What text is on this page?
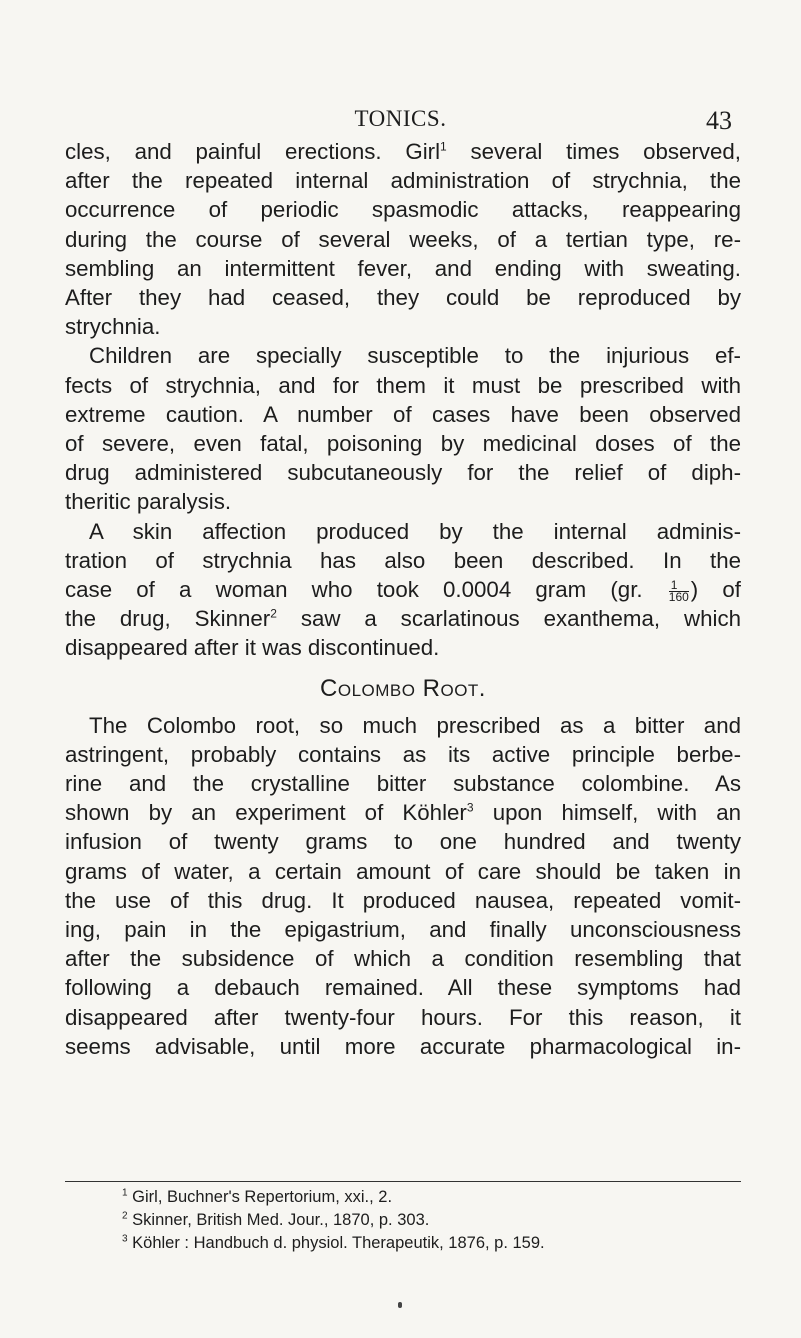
TONICS.	43
cles, and painful erections. Girl$^1$ several times observed,
after the repeated internal administration of strychnia, the
occurrence of periodic spasmodic attacks, reappearing
during the course of several weeks, of a tertian type, re-
sembling an intermittent fever, and ending with sweating.
After they had ceased, they could be reproduced by
strychnia.
Children are specially susceptible to the injurious ef-
fects of strychnia, and for them it must be prescribed with
extreme caution. A number of cases have been observed
of severe, even fatal, poisoning by medicinal doses of the
drug administered subcutaneously for the relief of diph-
theritic paralysis.
A skin affection produced by the internal adminis-
tration of strychnia has also been described. In the
case of a woman who took 0.0004 gram (gr. $\frac{1}{160}$ ) of
the drug, Skinner$^2$ saw a scarlatinous exanthema, which
disappeared after it was discontinued.
Colombo Root.
The Colombo root, so much prescribed as a bitter and
astringent, probably contains as its active principle berbe-
rine and the crystalline bitter substance colombine. As
shown by an experiment of Köhler$^3$ upon himself, with an
infusion of twenty grams to one hundred and twenty
grams of water, a certain amount of care should be taken in
the use of this drug. It produced nausea, repeated vomit-
ing, pain in the epigastrium, and finally unconsciousness
after the subsidence of which a condition resembling that
following a debauch remained. All these symptoms had
disappeared after twenty-four hours. For this reason, it
seems advisable, until more accurate pharmacological in-
$^1$ Girl, Buchner's Repertorium, xxi., 2.
$^2$ Skinner, British Med. Jour., 1870, p. 303.
$^3$ Köhler : Handbuch d. physiol. Therapeutik, 1876, p. 159.
